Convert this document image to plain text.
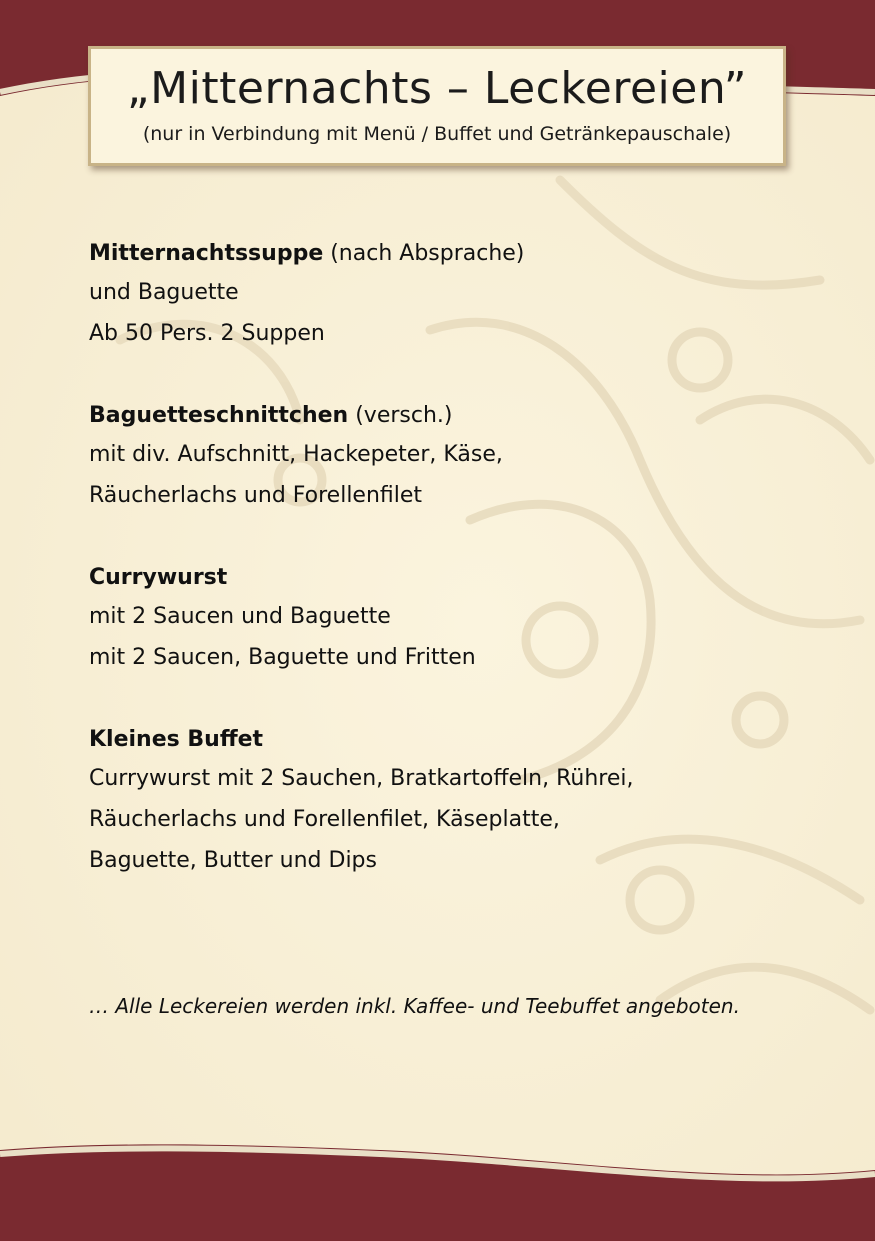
„Mitternachts – Leckereien”
(nur in Verbindung mit Menü / Buffet und Getränkepauschale)
Mitternachtssuppe (nach Absprache)
und Baguette
Ab 50 Pers. 2 Suppen
Baguetteschnittchen (versch.)
mit div. Aufschnitt, Hackepeter, Käse,
Räucherlachs und Forellenfilet
Currywurst
mit 2 Saucen und Baguette
mit 2 Saucen, Baguette und Fritten
Kleines Buffet
Currywurst mit 2 Sauchen, Bratkartoffeln, Rührei,
Räucherlachs und Forellenfilet, Käseplatte,
Baguette, Butter und Dips
… Alle Leckereien werden inkl. Kaffee- und Teebuffet angeboten.
